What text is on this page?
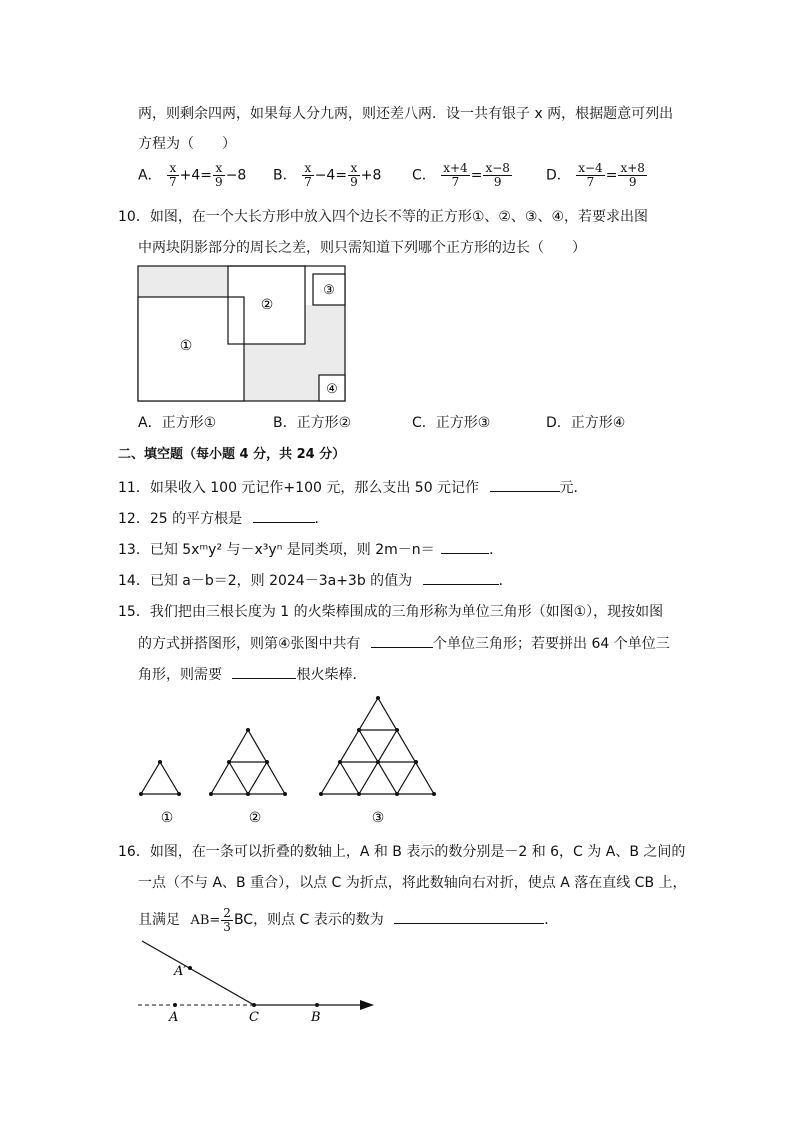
两，则剩余四两，如果每人分九两，则还差八两．设一共有银子 x 两，根据题意可列出
方程为（　　）
A． $\frac{x}{7} +4= \frac{x}{9} -8$ B． $\frac{x}{7} -4= \frac{x}{9} +8$ C． $\frac{x+4}{7} = \frac{x-8}{9}$ D． $\frac{x-4}{7} = \frac{x+8}{9}$
10．如图，在一个大长方形中放入四个边长不等的正方形①、②、③、④，若要求出图
中两块阴影部分的周长之差，则只需知道下列哪个正方形的边长（　　）
①
②
③
④
A．正方形①	B．正方形②	C．正方形③	D．正方形④
二、填空题（每小题 4 分，共 24 分）
11．如果收入 100 元记作+100 元，那么支出 50 元记作	元．
12．25 的平方根是	．
13．已知 5xᵐy² 与－x³yⁿ 是同类项，则 2m－n＝	．
14．已知 a－b＝2，则 2024－3a+3b 的值为	．
15．我们把由三根长度为 1 的火柴棒围成的三角形称为单位三角形（如图①），现按如图
的方式拼搭图形，则第④张图中共有	个单位三角形；若要拼出 64 个单位三
角形，则需要	根火柴棒．
①	②	③
16．如图，在一条可以折叠的数轴上，A 和 B 表示的数分别是－2 和 6，C 为 A、B 之间的
一点（不与 A、B 重合），以点 C 为折点，将此数轴向右对折，使点 A 落在直线 CB 上，
且满足 $AB= \frac{2}{3}$ BC，则点 C 表示的数为	．
A′
A	C	B
